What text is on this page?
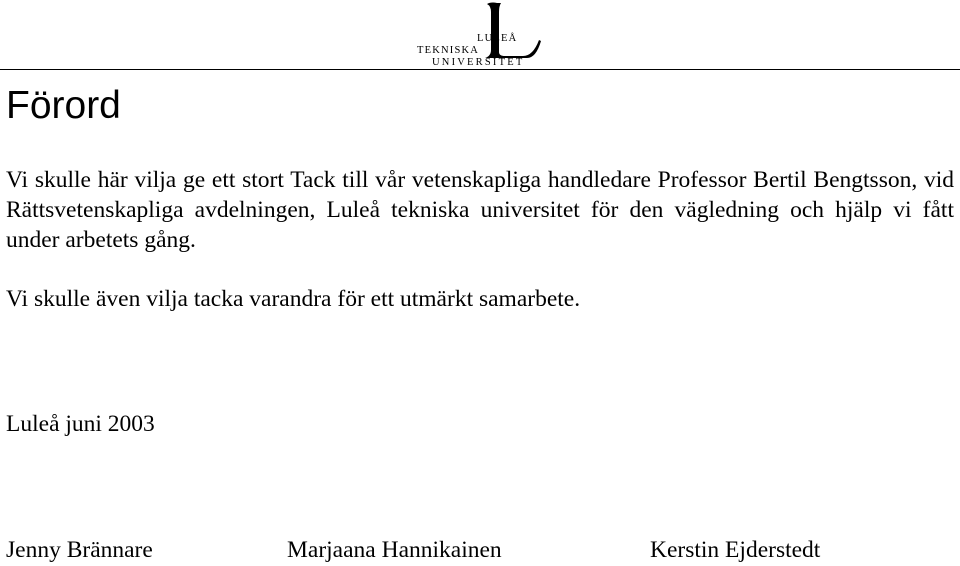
LULEÅ
TEKNISKA
UNIVERSITET
Förord

Vi skulle här vilja ge ett stort Tack till vår vetenskapliga handledare Professor Bertil Bengtsson, vid Rättsvetenskapliga avdelningen, Luleå tekniska universitet för den vägledning och hjälp vi fått under arbetets gång.

Vi skulle även vilja tacka varandra för ett utmärkt samarbete.

Luleå juni 2003

Jenny Brännare	Marjaana Hannikainen	Kerstin Ejderstedt
